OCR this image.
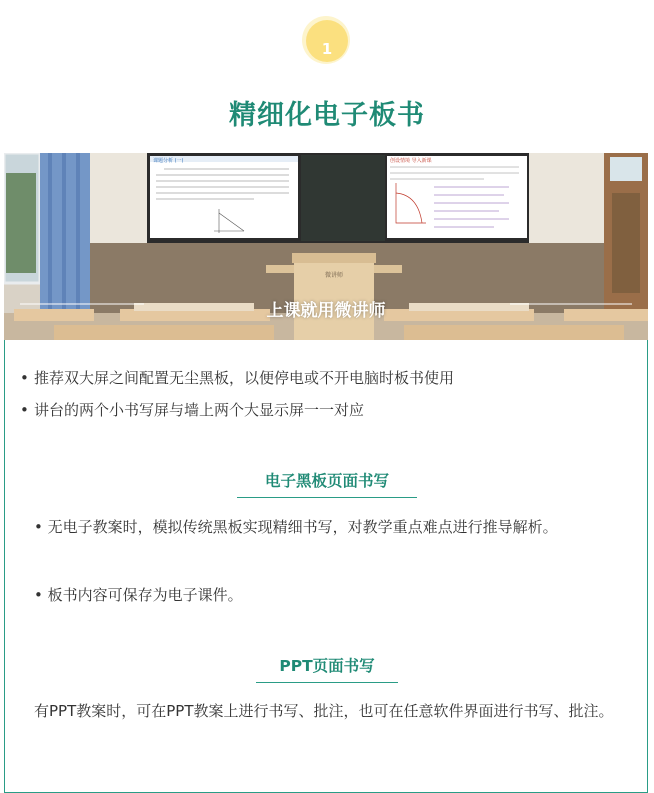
1
精细化电子板书
课题分析 (一)	创设情境 导入新课
微讲师
上课就用微讲师
• 推荐双大屏之间配置无尘黑板，以便停电或不开电脑时板书使用
• 讲台的两个小书写屏与墙上两个大显示屏一一对应
电子黑板页面书写
• 无电子教案时，模拟传统黑板实现精细书写，对教学重点难点进行推导解析。
• 板书内容可保存为电子课件。
PPT页面书写
有PPT教案时，可在PPT教案上进行书写、批注，也可在任意软件界面进行书写、批注。
